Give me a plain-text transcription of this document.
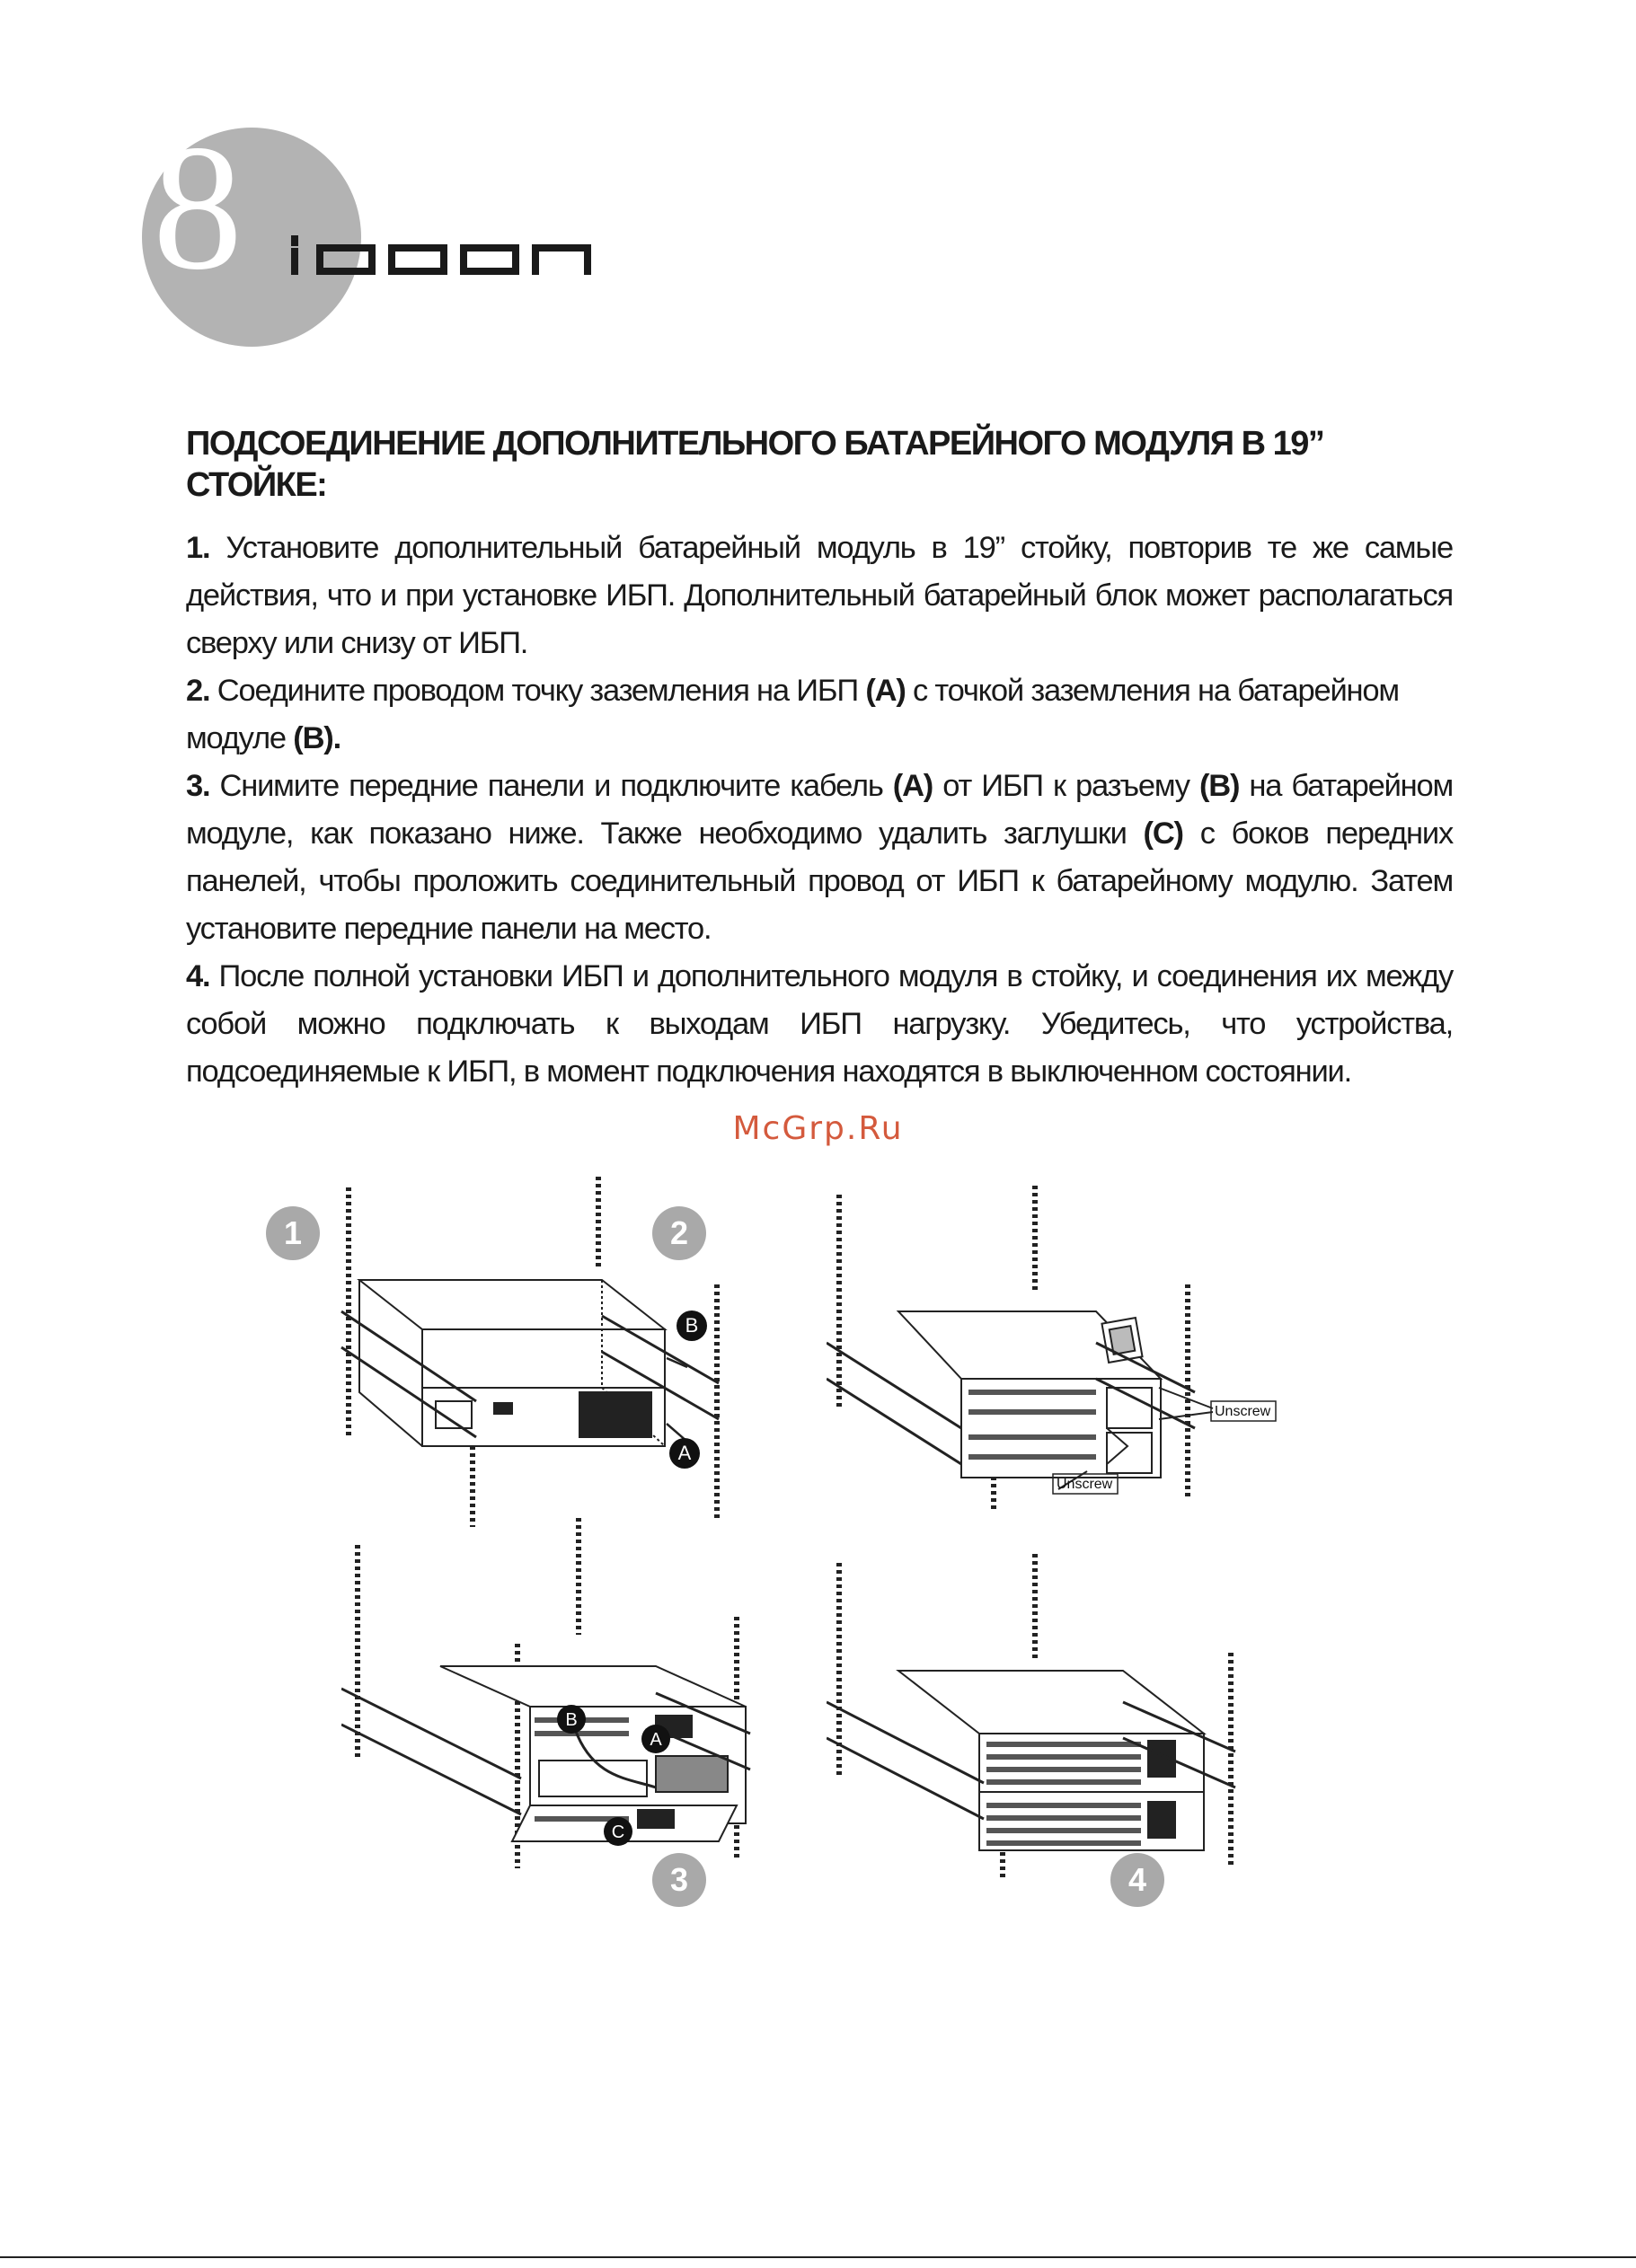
8
ПОДСОЕДИНЕНИЕ ДОПОЛНИТЕЛЬНОГО БАТАРЕЙНОГО МОДУЛЯ В 19” СТОЙКЕ:

1. Установите дополнительный батарейный модуль в 19” стойку, повторив те же самые действия, что и при установке ИБП. Дополнительный батарейный блок может располагаться сверху или снизу от ИБП.

2. Соедините проводом точку заземления на ИБП (A) с точкой заземления на батарейном модуле (B).

3. Снимите передние панели и подключите кабель (A) от ИБП к разъему (B) на батарейном модуле, как показано ниже. Также необходимо удалить заглушки (C) с боков передних панелей, чтобы проложить соединительный провод от ИБП к батарейному модулю. Затем установите передние панели на место.

4. После полной установки ИБП и дополнительного модуля в стойку, и соединения их между собой можно подключать к выходам ИБП нагрузку. Убедитесь, что устройства, подсоединяемые к ИБП, в момент подключения находятся в выключенном состоянии.

McGrp.Ru
1	2
3	4
B
A
Unscrew
Unscrew
B
A
C
